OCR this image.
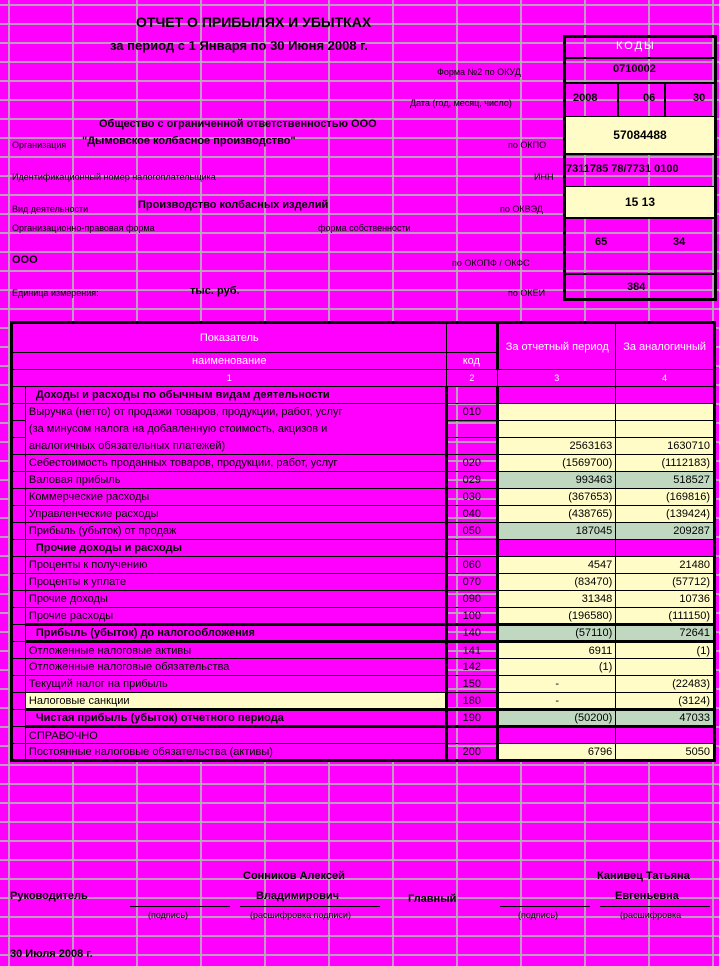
ОТЧЕТ О ПРИБЫЛЯХ И УБЫТКАХ
за период с 1 Января по 30 Июня 2008 г.	КОДЫ
Форма №2 по ОКУД	0710002
Дата (год, месяц, число)	2008	06	30
57084488
7311785 78/7731 0100
15 13
65	34
384
Общество с ограниченной ответственностью ООО
Организация "Дымовское колбасное производство"	по ОКПО
Идентификационный номер налогоплательщика	ИНН
Вид деятельности	Производство колбасных изделий	по ОКВЭД
Организационно-правовая форма	форма собственности
ООО	по ОКОПФ / ОКФС
Единица измерения:	тыс. руб.	по ОКЕИ
Показатель			За отчетный период	За аналогичный
наименование		код		
1		2	3	4
	Доходы и расходы по обычным видам деятельности			
	Выручка (нетто) от продажи товаров, продукции, работ, услуг	010		
	(за минусом налога на добавленную стоимость, акцизов и			
	аналогичных обязательных платежей)		2563163	1630710
	Себестоимость проданных товаров, продукции, работ, услуг	020	(1569700)	(1112183)
	Валовая прибыль	029	993463	518527
	Коммерческие расходы	030	(367653)	(169816)
	Управленческие расходы	040	(438765)	(139424)
	Прибыль (убыток) от продаж	050	187045	209287
	Прочие доходы и расходы			
	Проценты к получению	060	4547	21480
	Проценты к уплате	070	(83470)	(57712)
	Прочие доходы	090	31348	10736
	Прочие расходы	100	(196580)	(111150)
	Прибыль (убыток) до налогообложения	140	(57110)	72641
	Отложенные налоговые активы	141	6911	(1)
	Отложенные налоговые обязательства	142	(1)	
	Текущий налог на прибыль	150	-	(22483)
	Налоговые санкции	180	-	(3124)
	Чистая прибыль (убыток) отчетного периода	190	(50200)	47033
	СПРАВОЧНО			
	Постоянные налоговые обязательства (активы)	200	6796	5050
Сонников Алексей	Канивец Татьяна
Руководитель	Владимирович	Главный	Евгеньевна
(подпись)	(расшифровка подписи)	(подпись)	(расшифровка
30 Июля 2008 г.
